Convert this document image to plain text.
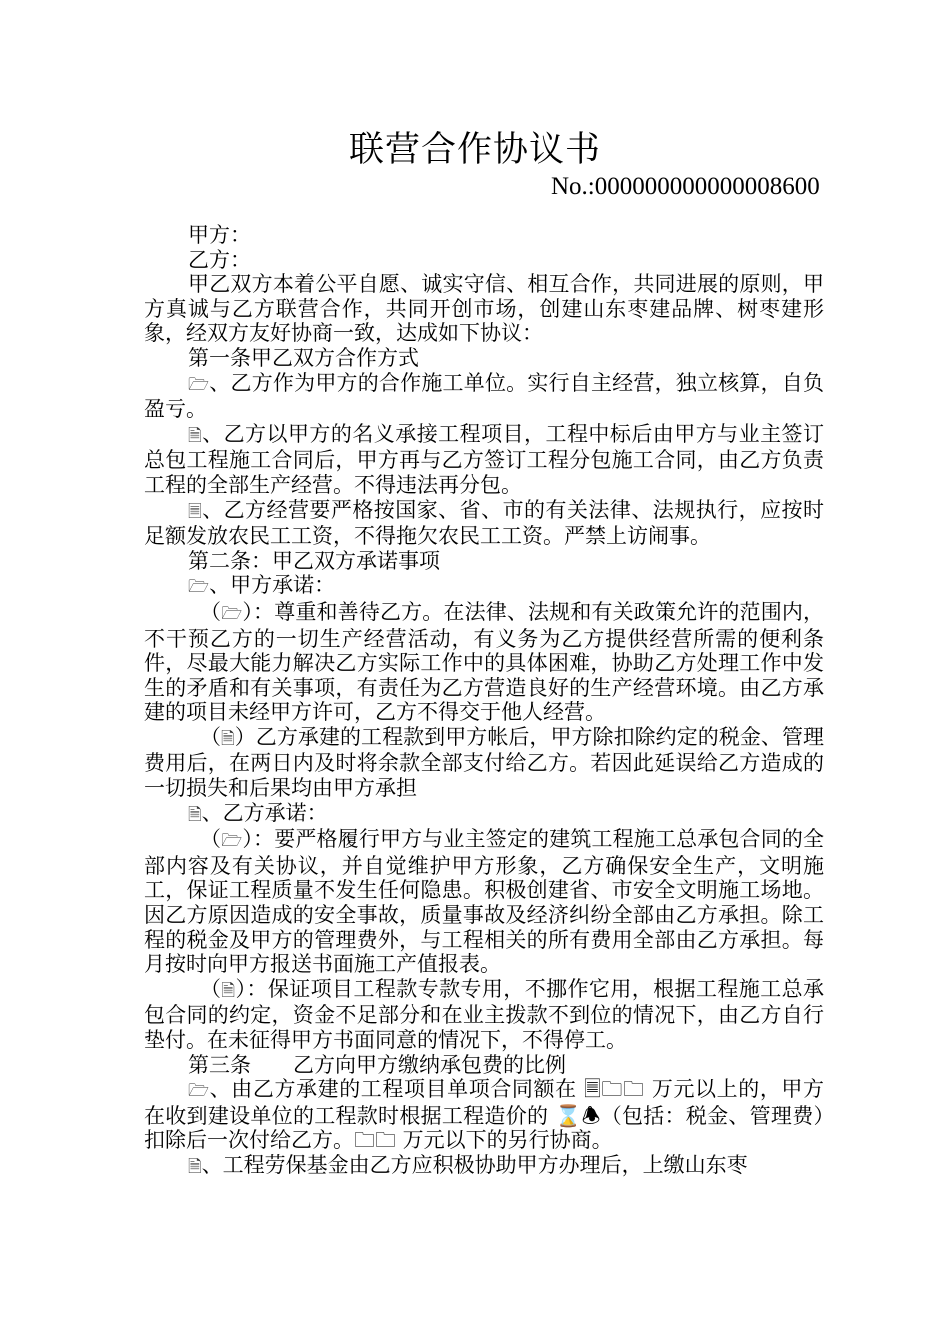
联营合作协议书
No.:000000000000008600

甲方：

乙方：

甲乙双方本着公平自愿、诚实守信、相互合作，共同进展的原则，甲方真诚与乙方联营合作，共同开创市场，创建山东枣建品牌、树枣建形象，经双方友好协商一致，达成如下协议：

第一条甲乙双方合作方式

🗁、乙方作为甲方的合作施工单位。实行自主经营，独立核算，自负盈亏。

🗎、乙方以甲方的名义承接工程项目，工程中标后由甲方与业主签订总包工程施工合同后，甲方再与乙方签订工程分包施工合同，由乙方负责工程的全部生产经营。不得违法再分包。

🗏、乙方经营要严格按国家、省、市的有关法律、法规执行，应按时足额发放农民工工资，不得拖欠农民工工资。严禁上访闹事。

第二条：甲乙双方承诺事项

🗁、甲方承诺：

（🗁）：尊重和善待乙方。在法律、法规和有关政策允许的范围内，不干预乙方的一切生产经营活动，有义务为乙方提供经营所需的便利条件，尽最大能力解决乙方实际工作中的具体困难，协助乙方处理工作中发生的矛盾和有关事项，有责任为乙方营造良好的生产经营环境。由乙方承建的项目未经甲方许可，乙方不得交于他人经营。

（🗎）乙方承建的工程款到甲方帐后，甲方除扣除约定的税金、管理费用后，在两日内及时将余款全部支付给乙方。若因此延误给乙方造成的一切损失和后果均由甲方承担

🗎、乙方承诺：

（🗁）：要严格履行甲方与业主签定的建筑工程施工总承包合同的全部内容及有关协议，并自觉维护甲方形象，乙方确保安全生产，文明施工，保证工程质量不发生任何隐患。积极创建省、市安全文明施工场地。因乙方原因造成的安全事故，质量事故及经济纠纷全部由乙方承担。除工程的税金及甲方的管理费外，与工程相关的所有费用全部由乙方承担。每月按时向甲方报送书面施工产值报表。

（🗎）：保证项目工程款专款专用，不挪作它用，根据工程施工总承包合同的约定，资金不足部分和在业主拨款不到位的情况下，由乙方自行垫付。在未征得甲方书面同意的情况下，不得停工。

第三条　　乙方向甲方缴纳承包费的比例

🗁、由乙方承建的工程项目单项合同额在 🗏🗀🗀 万元以上的，甲方在收到建设单位的工程款时根据工程造价的 ⌛🕭（包括：税金、管理费）扣除后一次付给乙方。🗀🗀 万元以下的另行协商。

🗎、工程劳保基金由乙方应积极协助甲方办理后，上缴山东枣
